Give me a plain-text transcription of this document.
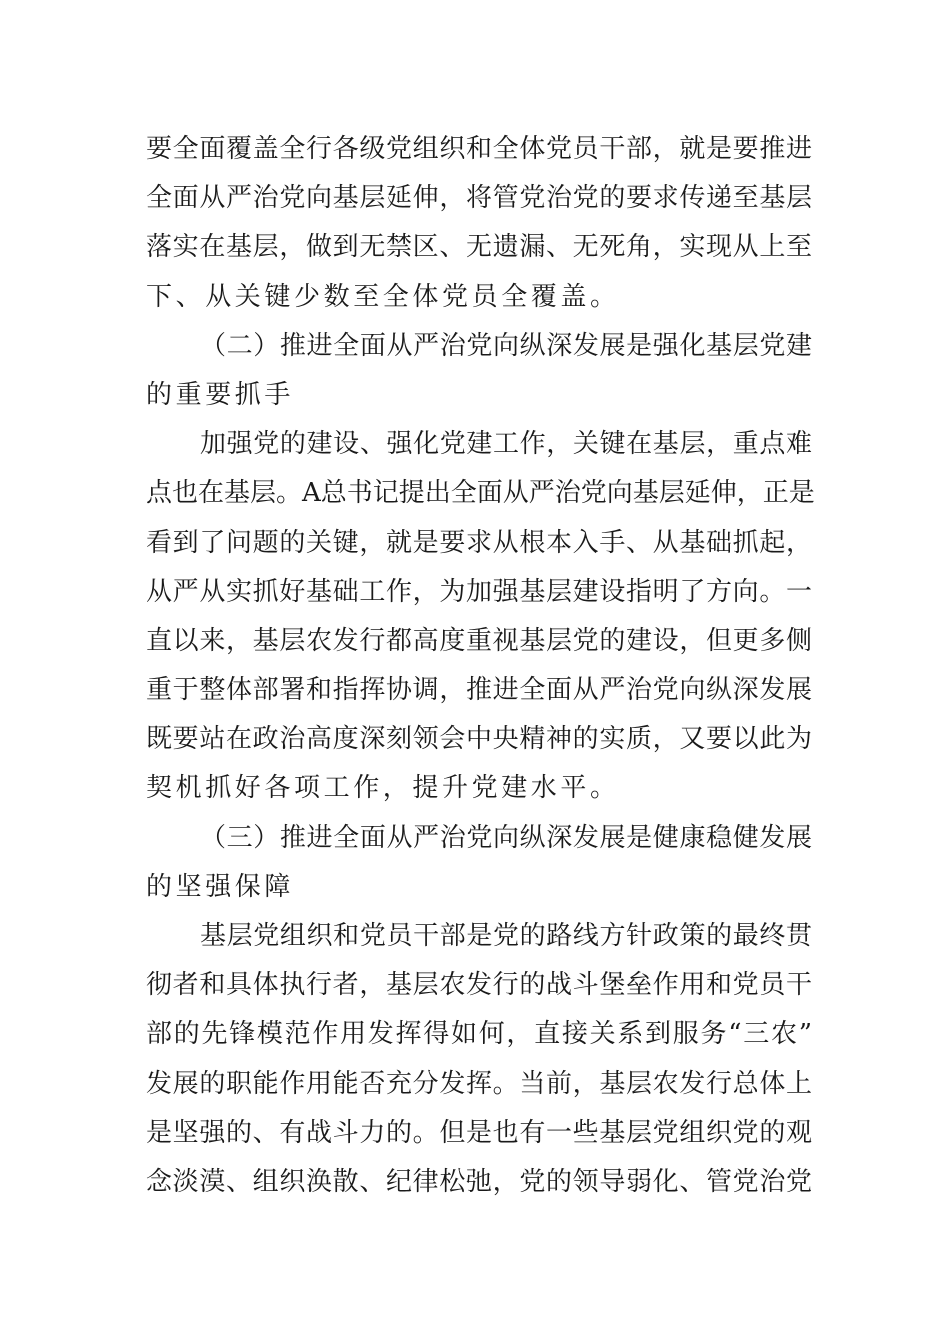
要全面覆盖全行各级党组织和全体党员干部，就是要推进
全面从严治党向基层延伸，将管党治党的要求传递至基层
落实在基层，做到无禁区、无遗漏、无死角，实现从上至
下、从关键少数至全体党员全覆盖。
（二）推进全面从严治党向纵深发展是强化基层党建
的重要抓手
加强党的建设、强化党建工作，关键在基层，重点难
点也在基层。A总书记提出全面从严治党向基层延伸，正是
看到了问题的关键，就是要求从根本入手、从基础抓起，
从严从实抓好基础工作，为加强基层建设指明了方向。一
直以来，基层农发行都高度重视基层党的建设，但更多侧
重于整体部署和指挥协调，推进全面从严治党向纵深发展
既要站在政治高度深刻领会中央精神的实质，又要以此为
契机抓好各项工作，提升党建水平。
（三）推进全面从严治党向纵深发展是健康稳健发展
的坚强保障
基层党组织和党员干部是党的路线方针政策的最终贯
彻者和具体执行者，基层农发行的战斗堡垒作用和党员干
部的先锋模范作用发挥得如何，直接关系到服务“三农”
发展的职能作用能否充分发挥。当前，基层农发行总体上
是坚强的、有战斗力的。但是也有一些基层党组织党的观
念淡漠、组织涣散、纪律松弛，党的领导弱化、管党治党
